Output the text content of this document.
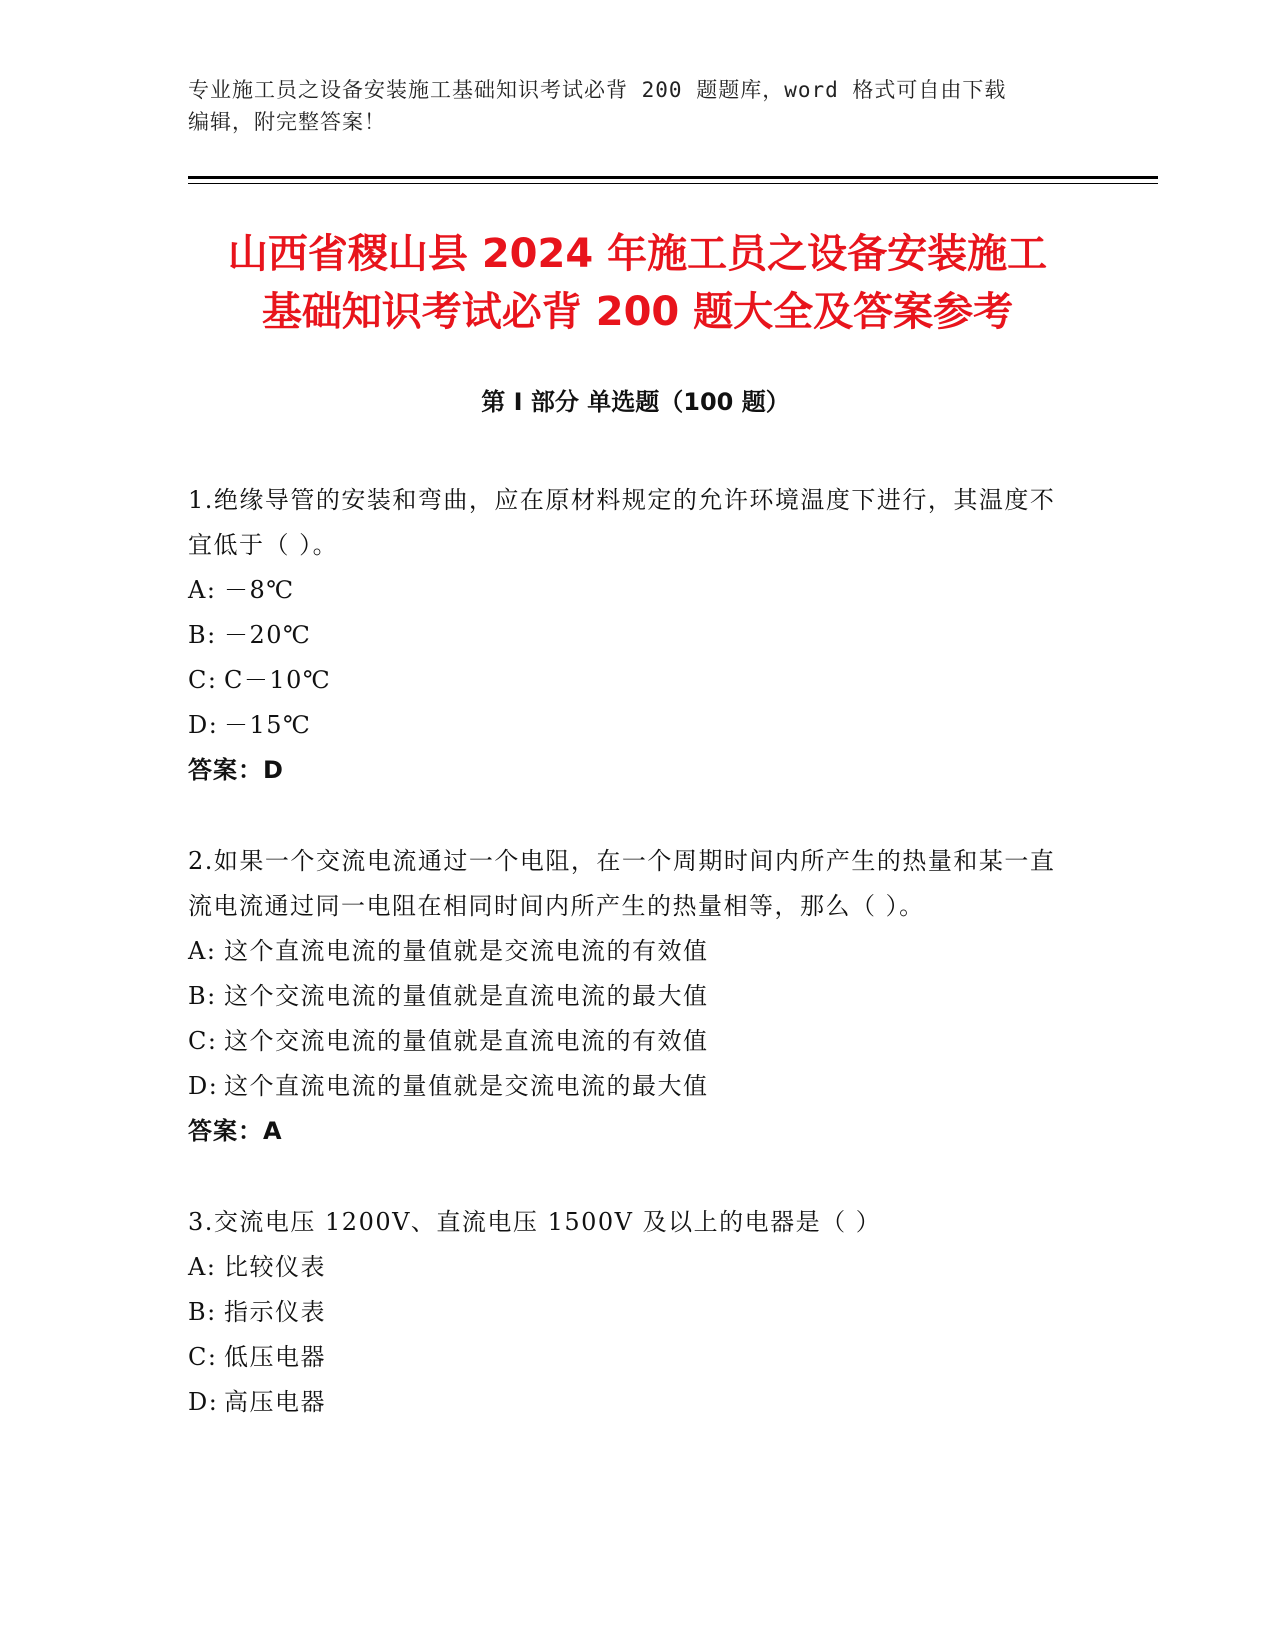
专业施工员之设备安装施工基础知识考试必背 200 题题库，word 格式可自由下载
编辑，附完整答案！
山西省稷山县 2024 年施工员之设备安装施工
基础知识考试必背 200 题大全及答案参考
第 I 部分 单选题（100 题）

1.绝缘导管的安装和弯曲，应在原材料规定的允许环境温度下进行，其温度不宜低于（ ）。

A: －8℃
B: －20℃
C: C－10℃
D: －15℃
答案：D

2.如果一个交流电流通过一个电阻，在一个周期时间内所产生的热量和某一直流电流通过同一电阻在相同时间内所产生的热量相等，那么（ ）。

A: 这个直流电流的量值就是交流电流的有效值
B: 这个交流电流的量值就是直流电流的最大值
C: 这个交流电流的量值就是直流电流的有效值
D: 这个直流电流的量值就是交流电流的最大值
答案：A

3.交流电压 1200V、直流电压 1500V 及以上的电器是（ ）

A: 比较仪表
B: 指示仪表
C: 低压电器
D: 高压电器
